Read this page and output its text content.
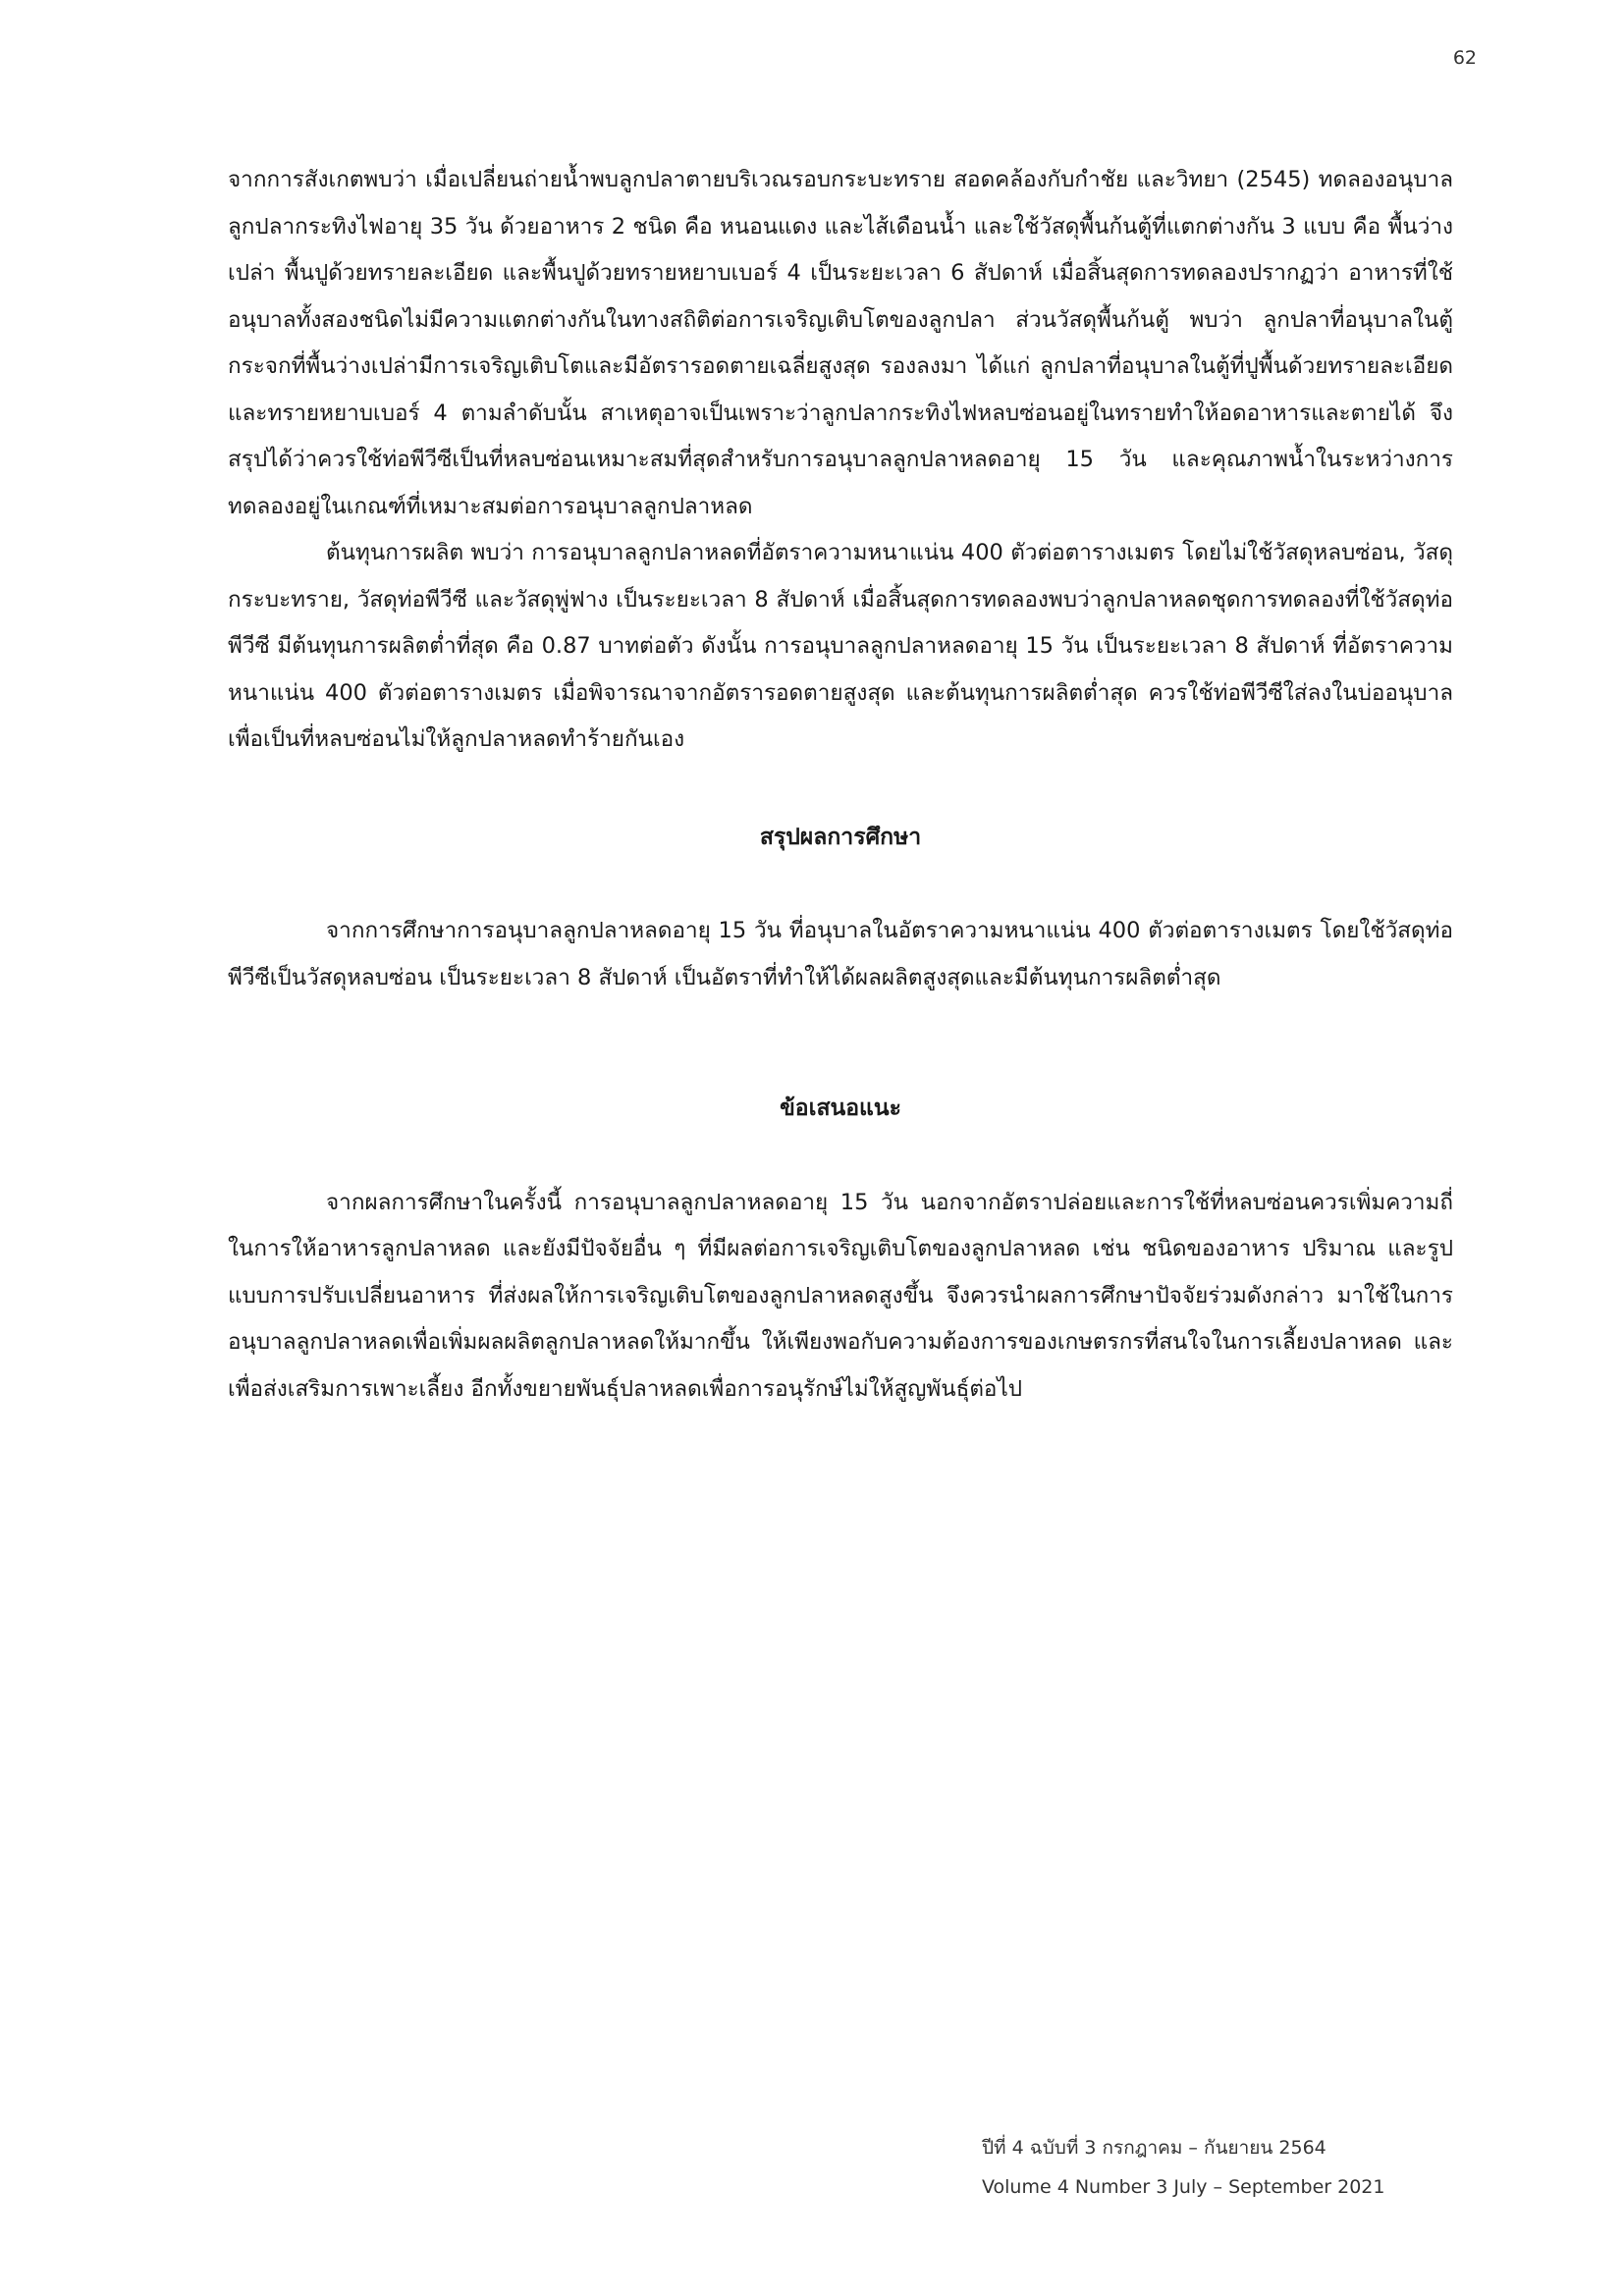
62

จากการสังเกตพบว่า เมื่อเปลี่ยนถ่ายน้ำพบลูกปลาตายบริเวณรอบกระบะทราย สอดคล้องกับกำชัย และวิทยา (2545) ทดลองอนุบาลลูกปลากระทิงไฟอายุ 35 วัน ด้วยอาหาร 2 ชนิด คือ หนอนแดง และไส้เดือนน้ำ และใช้วัสดุพื้นก้นตู้ที่แตกต่างกัน 3 แบบ คือ พื้นว่างเปล่า พื้นปูด้วยทรายละเอียด และพื้นปูด้วยทรายหยาบเบอร์ 4 เป็นระยะเวลา 6 สัปดาห์ เมื่อสิ้นสุดการทดลองปรากฏว่า อาหารที่ใช้อนุบาลทั้งสองชนิดไม่มีความแตกต่างกันในทางสถิติต่อการเจริญเติบโตของลูกปลา ส่วนวัสดุพื้นก้นตู้ พบว่า ลูกปลาที่อนุบาลในตู้กระจกที่พื้นว่างเปล่ามีการเจริญเติบโตและมีอัตรารอดตายเฉลี่ยสูงสุด รองลงมา ได้แก่ ลูกปลาที่อนุบาลในตู้ที่ปูพื้นด้วยทรายละเอียด และทรายหยาบเบอร์ 4 ตามลำดับนั้น สาเหตุอาจเป็นเพราะว่าลูกปลากระทิงไฟหลบซ่อนอยู่ในทรายทำให้อดอาหารและตายได้ จึงสรุปได้ว่าควรใช้ท่อพีวีซีเป็นที่หลบซ่อนเหมาะสมที่สุดสำหรับการอนุบาลลูกปลาหลดอายุ 15 วัน และคุณภาพน้ำในระหว่างการทดลองอยู่ในเกณฑ์ที่เหมาะสมต่อการอนุบาลลูกปลาหลด

ต้นทุนการผลิต พบว่า การอนุบาลลูกปลาหลดที่อัตราความหนาแน่น 400 ตัวต่อตารางเมตร โดยไม่ใช้วัสดุหลบซ่อน, วัสดุกระบะทราย, วัสดุท่อพีวีซี และวัสดุพู่ฟาง เป็นระยะเวลา 8 สัปดาห์ เมื่อสิ้นสุดการทดลองพบว่าลูกปลาหลดชุดการทดลองที่ใช้วัสดุท่อพีวีซี มีต้นทุนการผลิตต่ำที่สุด คือ 0.87 บาทต่อตัว ดังนั้น การอนุบาลลูกปลาหลดอายุ 15 วัน เป็นระยะเวลา 8 สัปดาห์ ที่อัตราความหนาแน่น 400 ตัวต่อตารางเมตร เมื่อพิจารณาจากอัตรารอดตายสูงสุด และต้นทุนการผลิตต่ำสุด ควรใช้ท่อพีวีซีใส่ลงในบ่ออนุบาลเพื่อเป็นที่หลบซ่อนไม่ให้ลูกปลาหลดทำร้ายกันเอง

สรุปผลการศึกษา

จากการศึกษาการอนุบาลลูกปลาหลดอายุ 15 วัน ที่อนุบาลในอัตราความหนาแน่น 400 ตัวต่อตารางเมตร โดยใช้วัสดุท่อพีวีซีเป็นวัสดุหลบซ่อน เป็นระยะเวลา 8 สัปดาห์ เป็นอัตราที่ทำให้ได้ผลผลิตสูงสุดและมีต้นทุนการผลิตต่ำสุด

ข้อเสนอแนะ

จากผลการศึกษาในครั้งนี้ การอนุบาลลูกปลาหลดอายุ 15 วัน นอกจากอัตราปล่อยและการใช้ที่หลบซ่อนควรเพิ่มความถี่ในการให้อาหารลูกปลาหลด และยังมีปัจจัยอื่น ๆ ที่มีผลต่อการเจริญเติบโตของลูกปลาหลด เช่น ชนิดของอาหาร ปริมาณ และรูปแบบการปรับเปลี่ยนอาหาร ที่ส่งผลให้การเจริญเติบโตของลูกปลาหลดสูงขึ้น จึงควรนำผลการศึกษาปัจจัยร่วมดังกล่าว มาใช้ในการอนุบาลลูกปลาหลดเพื่อเพิ่มผลผลิตลูกปลาหลดให้มากขึ้น ให้เพียงพอกับความต้องการของเกษตรกรที่สนใจในการเลี้ยงปลาหลด และเพื่อส่งเสริมการเพาะเลี้ยง อีกทั้งขยายพันธุ์ปลาหลดเพื่อการอนุรักษ์ไม่ให้สูญพันธุ์ต่อไป

ปีที่ 4 ฉบับที่ 3 กรกฎาคม – กันยายน 2564
Volume 4 Number 3 July – September 2021
